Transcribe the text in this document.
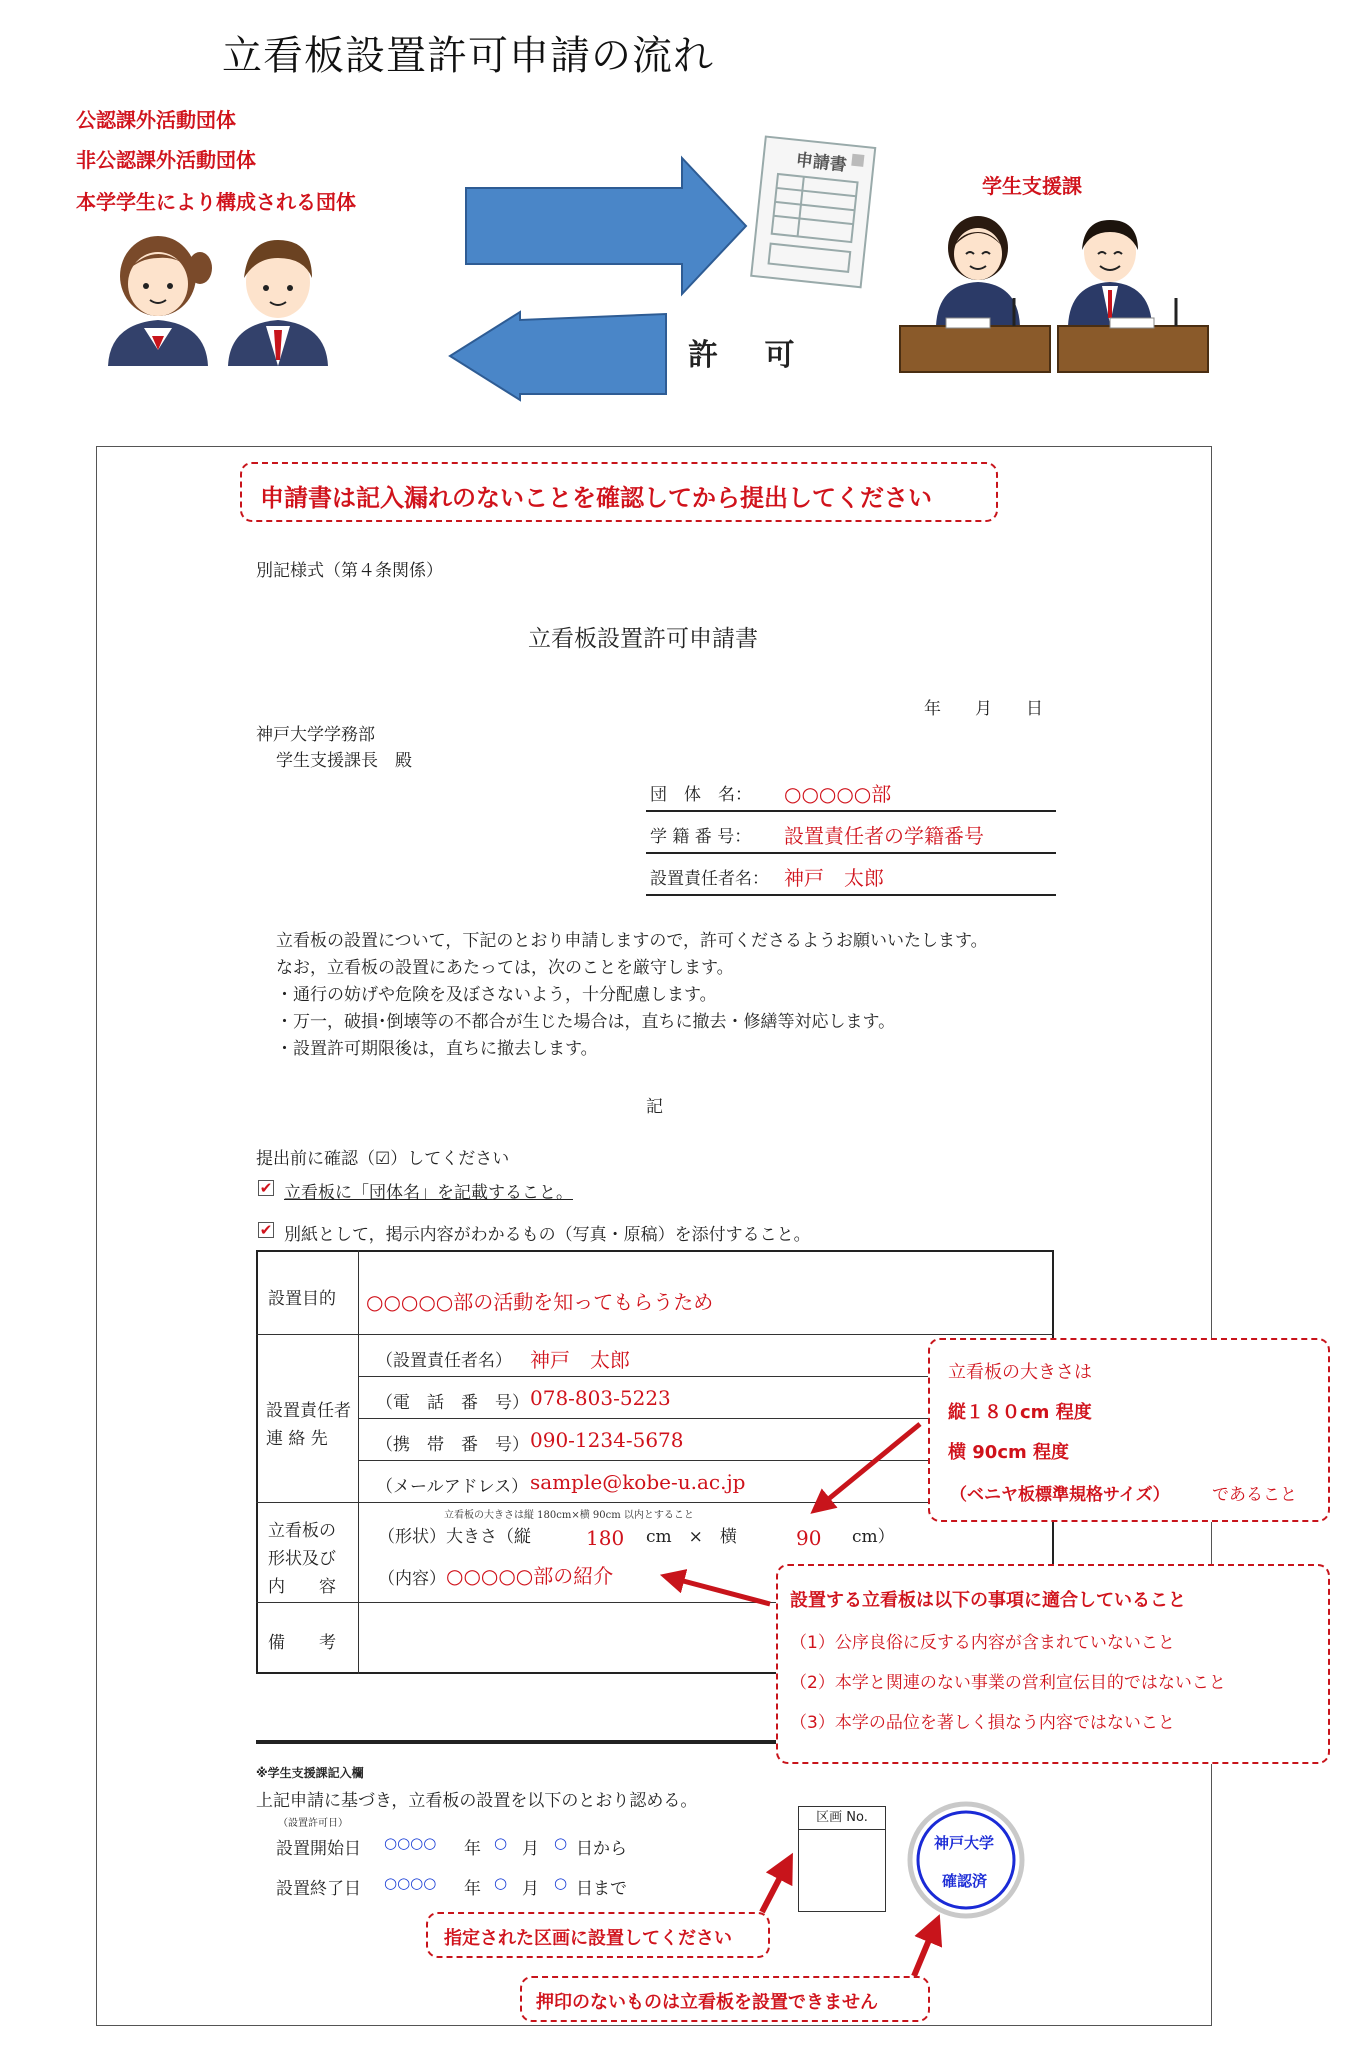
立看板設置許可申請の流れ
公認課外活動団体
非公認課外活動団体
本学学生により構成される団体
申請書
許 可
学生支援課
申請書は記入漏れのないことを確認してから提出してください
別記様式（第４条関係）
立看板設置許可申請書
年　　月　　日
神戸大学学務部
学生支援課長　殿
団　体　名： ○○○○○部
学 籍 番 号： 設置責任者の学籍番号
設置責任者名： 神戸　太郎
立看板の設置について，下記のとおり申請しますので，許可くださるようお願いいたします。
なお，立看板の設置にあたっては，次のことを厳守します。
・通行の妨げや危険を及ぼさないよう，十分配慮します。
・万一，破損･倒壊等の不都合が生じた場合は，直ちに撤去・修繕等対応します。
・設置許可期限後は，直ちに撤去します。
記
提出前に確認（☑）してください
✔ 立看板に「団体名」を記載すること。
✔ 別紙として，掲示内容がわかるもの（写真・原稿）を添付すること。
設置目的 ○○○○○部の活動を知ってもらうため
設置責任者
連 絡 先
（設置責任者名） 神戸　太郎
（電　話　番　号） 078-803-5223
（携　帯　番　号） 090-1234-5678
（メールアドレス） sample@kobe-u.ac.jp
立看板の
形状及び
内　　容
立看板の大きさは縦 180cm×横 90cm 以内とすること
（形状）大きさ（縦	180 cm　×　横	90 cm）
（内容） ○○○○○部の紹介
備　　考
※学生支援課記入欄
上記申請に基づき，立看板の設置を以下のとおり認める。
（設置許可日）
設置開始日 ○○○○ 年 ○ 月 ○ 日から
設置終了日 ○○○○ 年 ○ 月 ○ 日まで
区画 No.
神戸大学
確認済
立看板の大きさは
縦１８０cm 程度
横 90cm 程度
（ベニヤ板標準規格サイズ） であること
設置する立看板は以下の事項に適合していること
（1）公序良俗に反する内容が含まれていないこと
（2）本学と関連のない事業の営利宣伝目的ではないこと
（3）本学の品位を著しく損なう内容ではないこと
指定された区画に設置してください
押印のないものは立看板を設置できません
